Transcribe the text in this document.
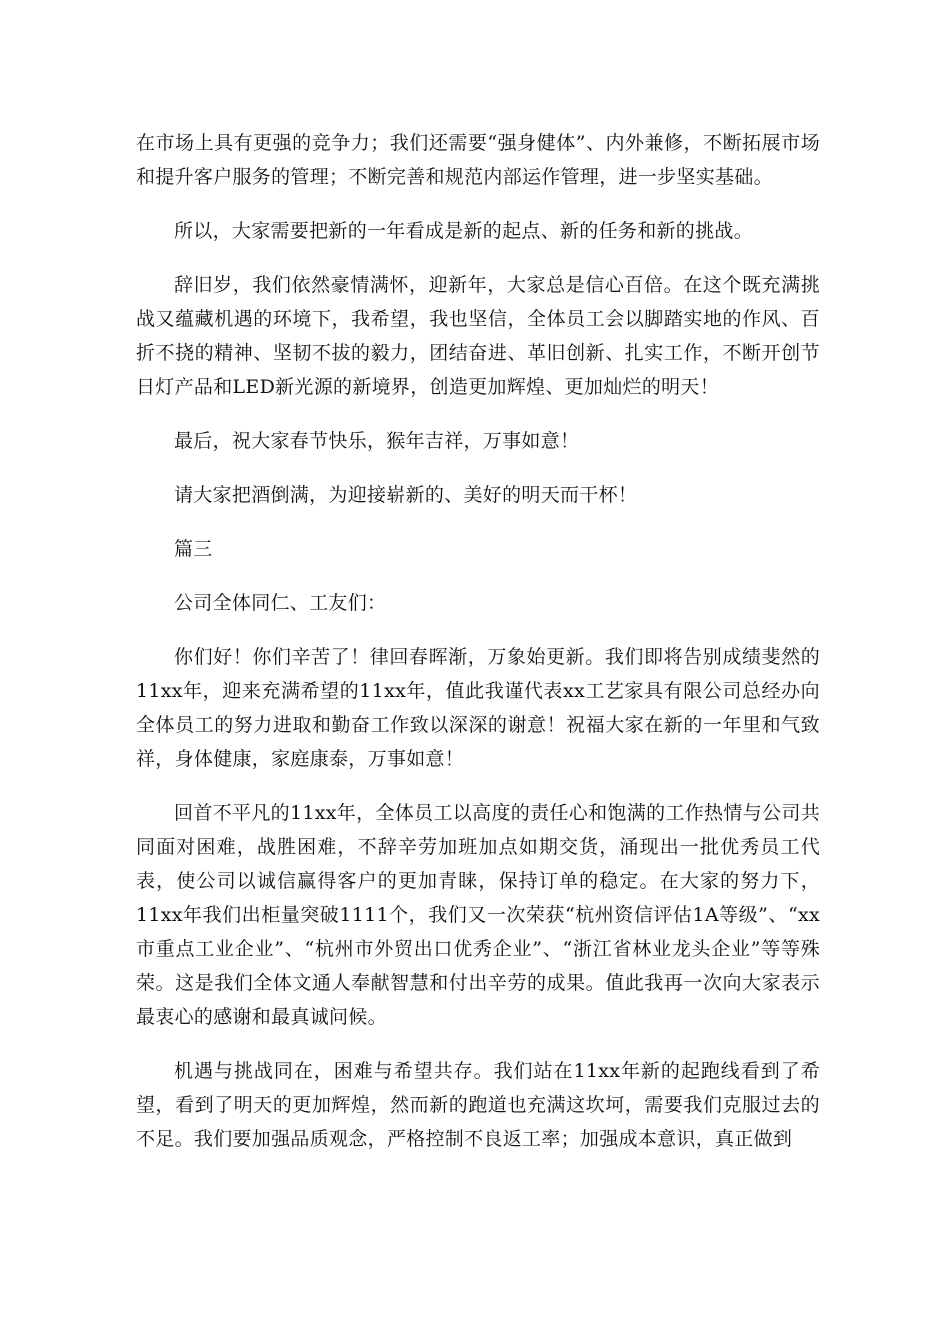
在市场上具有更强的竞争力；我们还需要“强身健体”、内外兼修，不断拓展市场和提升客户服务的管理；不断完善和规范内部运作管理，进一步坚实基础。

所以，大家需要把新的一年看成是新的起点、新的任务和新的挑战。

辞旧岁，我们依然豪情满怀，迎新年，大家总是信心百倍。在这个既充满挑战又蕴藏机遇的环境下，我希望，我也坚信，全体员工会以脚踏实地的作风、百折不挠的精神、坚韧不拔的毅力，团结奋进、革旧创新、扎实工作，不断开创节日灯产品和LED新光源的新境界，创造更加辉煌、更加灿烂的明天！

最后，祝大家春节快乐，猴年吉祥，万事如意！

请大家把酒倒满，为迎接崭新的、美好的明天而干杯！

篇三

公司全体同仁、工友们：

你们好！你们辛苦了！律回春晖渐，万象始更新。我们即将告别成绩斐然的11xx年，迎来充满希望的11xx年，值此我谨代表xx工艺家具有限公司总经办向全体员工的努力进取和勤奋工作致以深深的谢意！祝福大家在新的一年里和气致祥，身体健康，家庭康泰，万事如意！

回首不平凡的11xx年，全体员工以高度的责任心和饱满的工作热情与公司共同面对困难，战胜困难，不辞辛劳加班加点如期交货，涌现出一批优秀员工代表，使公司以诚信赢得客户的更加青睐，保持订单的稳定。在大家的努力下，11xx年我们出柜量突破1111个，我们又一次荣获“杭州资信评估1A等级”、“xx市重点工业企业”、“杭州市外贸出口优秀企业”、“浙江省林业龙头企业”等等殊荣。这是我们全体文通人奉献智慧和付出辛劳的成果。值此我再一次向大家表示最衷心的感谢和最真诚问候。

机遇与挑战同在，困难与希望共存。我们站在11xx年新的起跑线看到了希望，看到了明天的更加辉煌，然而新的跑道也充满这坎坷，需要我们克服过去的不足。我们要加强品质观念，严格控制不良返工率；加强成本意识，真正做到
